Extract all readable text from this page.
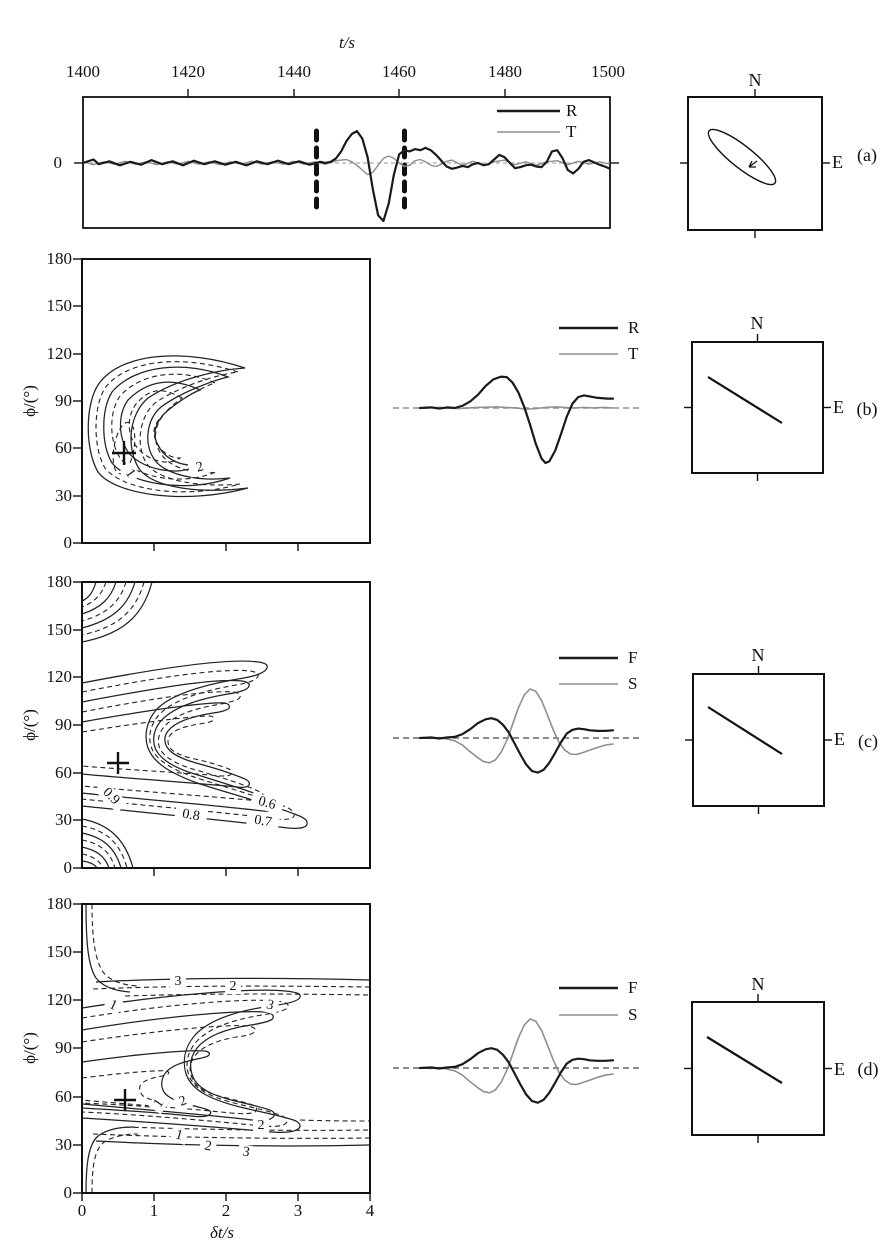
t/s
1400	1420	1440	1460	1480	1500
0
R
T
N
E (a)
180
150
120
90
60
30
0
ϕ/(°)
R
T
N
E (b)
2
1
180
150
120
90
60
30
0
ϕ/(°)
F
S
N
E (c)
0.9
0.8
0.6
0.7
180
150
120
90
60
30
0
ϕ/(°)
0	1	2	3	4
δt/s
F
S
N
E (d)
3	2
1	3
1 2
1
2	3
2
